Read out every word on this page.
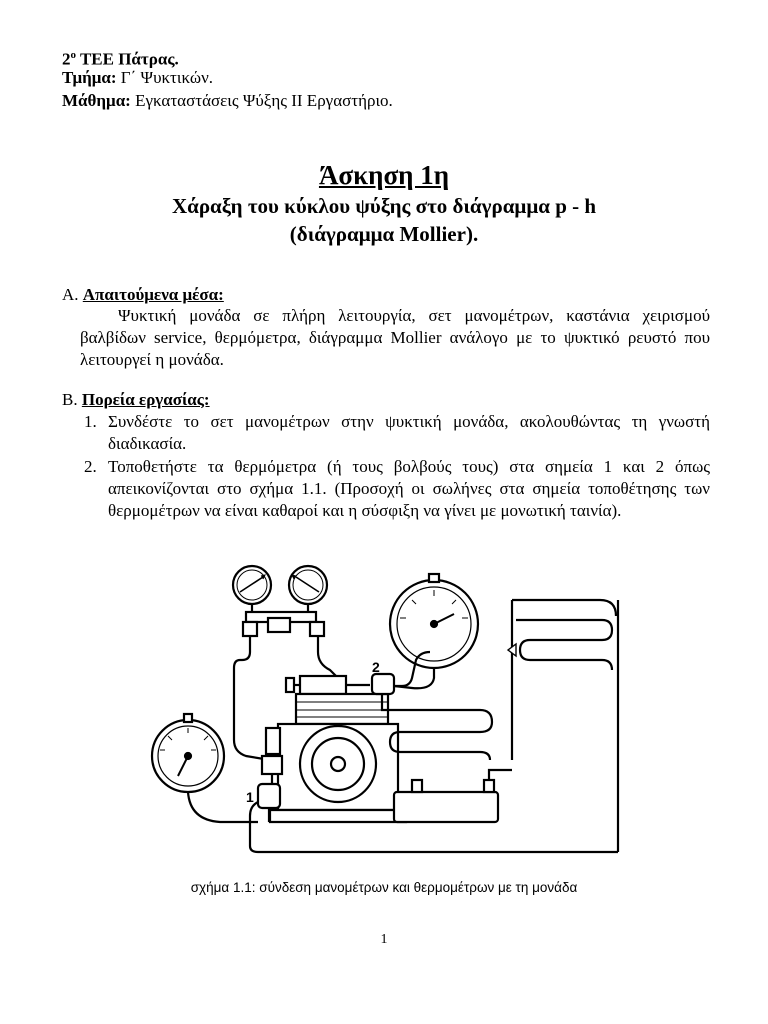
$2^o$ ΤΕΕ Πάτρας.
Τμήμα: Γ΄ Ψυκτικών.
Μάθημα: Εγκαταστάσεις Ψύξης ΙΙ Εργαστήριο.
Άσκηση 1η
Χάραξη του κύκλου ψύξης στο διάγραμμα p - h
(διάγραμμα Mollier).
Α. Απαιτούμενα μέσα:
Ψυκτική μονάδα σε πλήρη λειτουργία, σετ μανομέτρων, καστάνια χειρισμού βαλβίδων service, θερμόμετρα, διάγραμμα Mollier ανάλογο με το ψυκτικό ρευστό που λειτουργεί η μονάδα.
Β. Πορεία εργασίας:
1. Συνδέστε το σετ μανομέτρων στην ψυκτική μονάδα, ακολουθώντας τη γνωστή διαδικασία.
2. Τοποθετήστε τα θερμόμετρα (ή τους βολβούς τους) στα σημεία 1 και 2 όπως απεικονίζονται στο σχήμα 1.1. (Προσοχή οι σωλήνες στα σημεία τοποθέτησης των θερμομέτρων να είναι καθαροί και η σύσφιξη να γίνει με μονωτική ταινία).
2
1
σχήμα 1.1: σύνδεση μανομέτρων και θερμομέτρων με τη μονάδα
1
